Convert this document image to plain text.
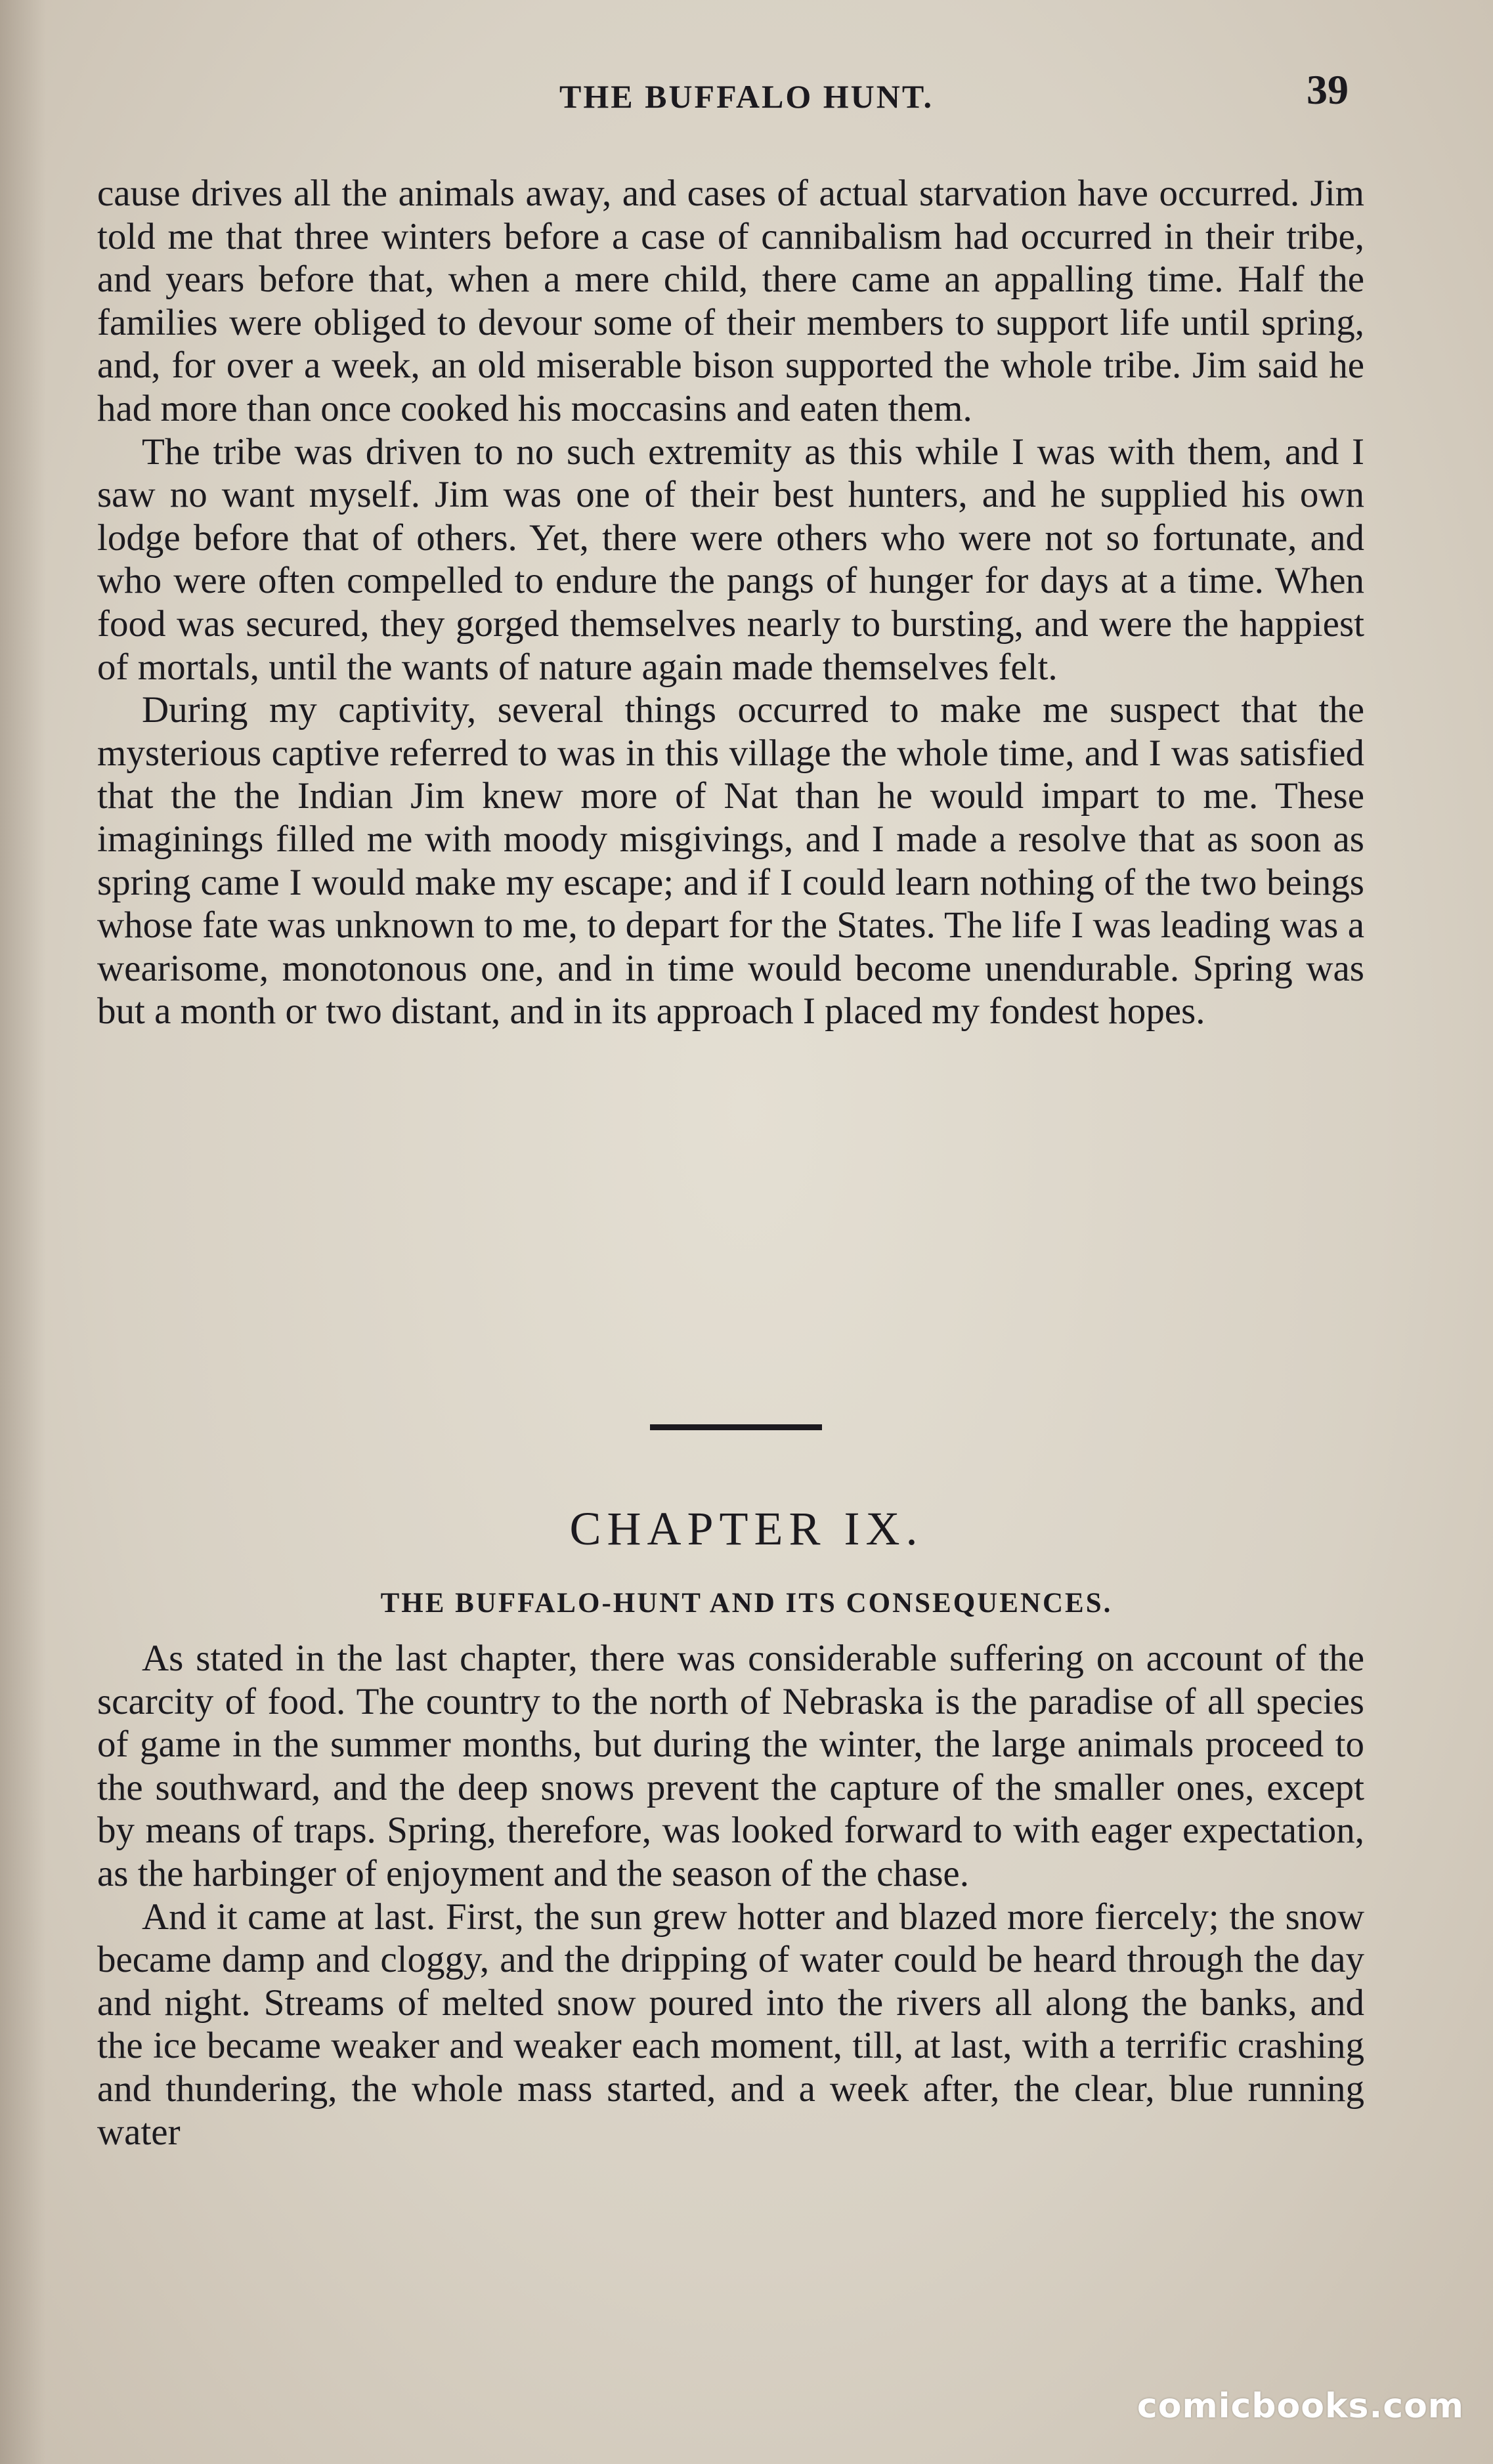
THE BUFFALO HUNT.	39

cause drives all the animals away, and cases of actual starvation have occurred. Jim told me that three winters before a case of cannibalism had occurred in their tribe, and years before that, when a mere child, there came an appalling time. Half the families were obliged to devour some of their members to support life until spring, and, for over a week, an old miserable bison supported the whole tribe. Jim said he had more than once cooked his moccasins and eaten them.

The tribe was driven to no such extremity as this while I was with them, and I saw no want myself. Jim was one of their best hunters, and he supplied his own lodge before that of others. Yet, there were others who were not so fortunate, and who were often compelled to endure the pangs of hunger for days at a time. When food was secured, they gorged themselves nearly to bursting, and were the happiest of mortals, until the wants of nature again made themselves felt.

During my captivity, several things occurred to make me suspect that the mysterious captive referred to was in this village the whole time, and I was satisfied that the the Indian Jim knew more of Nat than he would impart to me. These imaginings filled me with moody misgivings, and I made a resolve that as soon as spring came I would make my escape; and if I could learn nothing of the two beings whose fate was unknown to me, to depart for the States. The life I was leading was a wearisome, monotonous one, and in time would become unendurable. Spring was but a month or two distant, and in its approach I placed my fondest hopes.

CHAPTER IX.
THE BUFFALO-HUNT AND ITS CONSEQUENCES.

As stated in the last chapter, there was considerable suffering on account of the scarcity of food. The country to the north of Nebraska is the paradise of all species of game in the summer months, but during the winter, the large animals proceed to the southward, and the deep snows prevent the capture of the smaller ones, except by means of traps. Spring, therefore, was looked forward to with eager expectation, as the harbinger of enjoyment and the season of the chase.

And it came at last. First, the sun grew hotter and blazed more fiercely; the snow became damp and cloggy, and the dripping of water could be heard through the day and night. Streams of melted snow poured into the rivers all along the banks, and the ice became weaker and weaker each moment, till, at last, with a terrific crashing and thundering, the whole mass started, and a week after, the clear, blue running water

comicbooks.com
